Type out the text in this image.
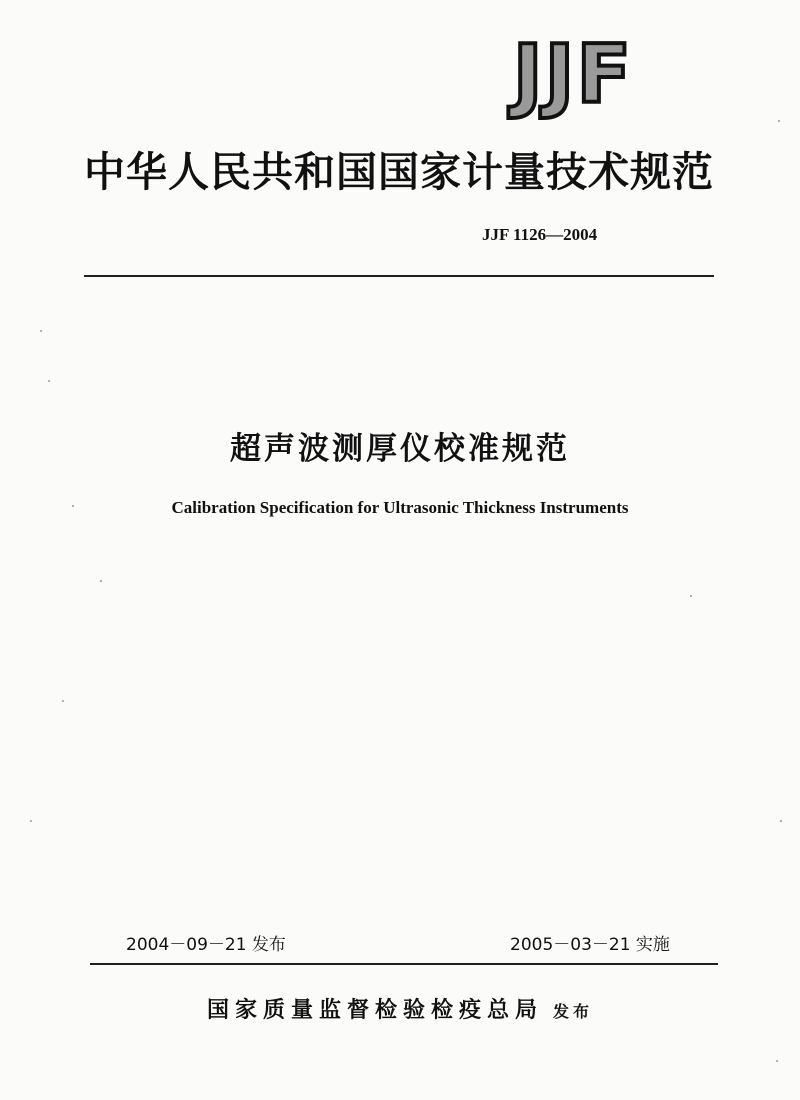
JJF
中华人民共和国国家计量技术规范
JJF 1126—2004
超声波测厚仪校准规范
Calibration Specification for Ultrasonic Thickness Instruments
2004－09－21 发布	2005－03－21 实施
国家质量监督检验检疫总局 发布
